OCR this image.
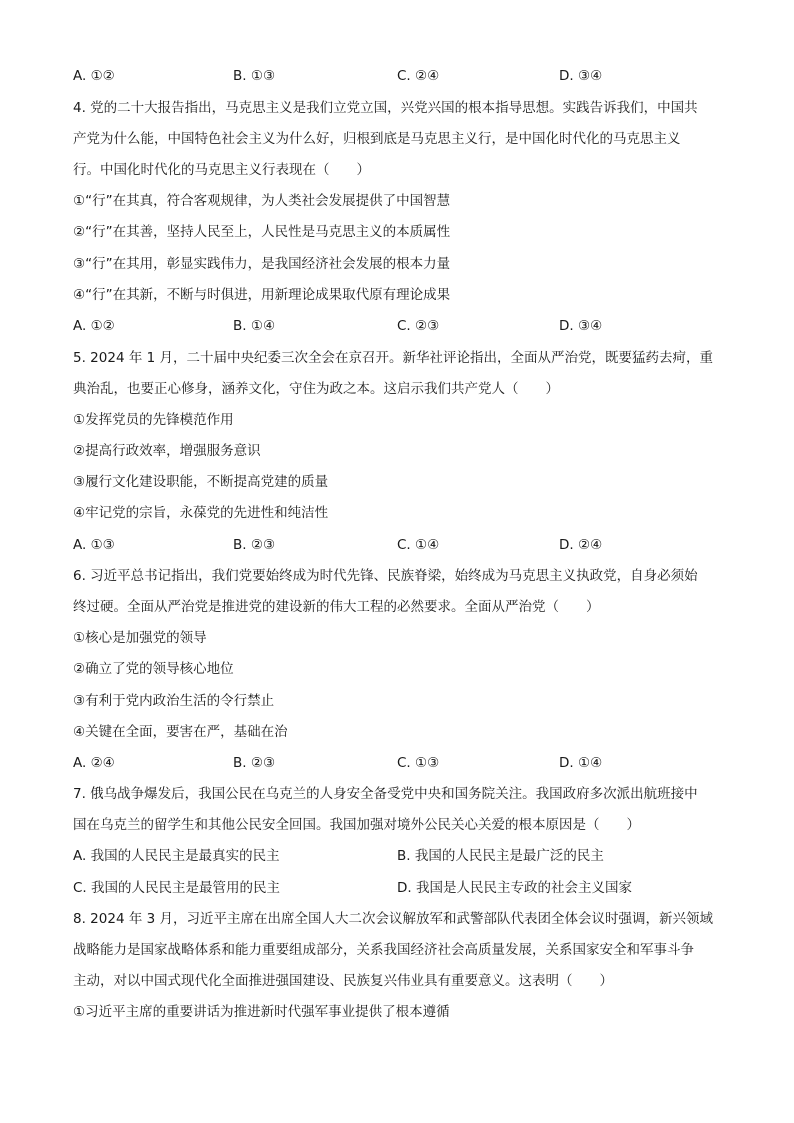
A. ①②	B. ①③	C. ②④	D. ③④
4. 党的二十大报告指出，马克思主义是我们立党立国，兴党兴国的根本指导思想。实践告诉我们，中国共
产党为什么能，中国特色社会主义为什么好，归根到底是马克思主义行，是中国化时代化的马克思主义
行。中国化时代化的马克思主义行表现在（　　）
①“行”在其真，符合客观规律，为人类社会发展提供了中国智慧
②“行”在其善，坚持人民至上，人民性是马克思主义的本质属性
③“行”在其用，彰显实践伟力，是我国经济社会发展的根本力量
④“行”在其新，不断与时俱进，用新理论成果取代原有理论成果
A. ①②	B. ①④	C. ②③	D. ③④
5. 2024 年 1 月，二十届中央纪委三次全会在京召开。新华社评论指出，全面从严治党，既要猛药去疴，重
典治乱，也要正心修身，涵养文化，守住为政之本。这启示我们共产党人（　　）
①发挥党员的先锋模范作用
②提高行政效率，增强服务意识
③履行文化建设职能，不断提高党建的质量
④牢记党的宗旨，永葆党的先进性和纯洁性
A. ①③	B. ②③	C. ①④	D. ②④
6. 习近平总书记指出，我们党要始终成为时代先锋、民族脊梁，始终成为马克思主义执政党，自身必须始
终过硬。全面从严治党是推进党的建设新的伟大工程的必然要求。全面从严治党（　　）
①核心是加强党的领导
②确立了党的领导核心地位
③有利于党内政治生活的令行禁止
④关键在全面，要害在严，基础在治
A. ②④	B. ②③	C. ①③	D. ①④
7. 俄乌战争爆发后，我国公民在乌克兰的人身安全备受党中央和国务院关注。我国政府多次派出航班接中
国在乌克兰的留学生和其他公民安全回国。我国加强对境外公民关心关爱的根本原因是（　　）
A. 我国的人民民主是最真实的民主	B. 我国的人民民主是最广泛的民主
C. 我国的人民民主是最管用的民主	D. 我国是人民民主专政的社会主义国家
8. 2024 年 3 月，习近平主席在出席全国人大二次会议解放军和武警部队代表团全体会议时强调，新兴领域
战略能力是国家战略体系和能力重要组成部分，关系我国经济社会高质量发展，关系国家安全和军事斗争
主动，对以中国式现代化全面推进强国建设、民族复兴伟业具有重要意义。这表明（　　）
①习近平主席的重要讲话为推进新时代强军事业提供了根本遵循
